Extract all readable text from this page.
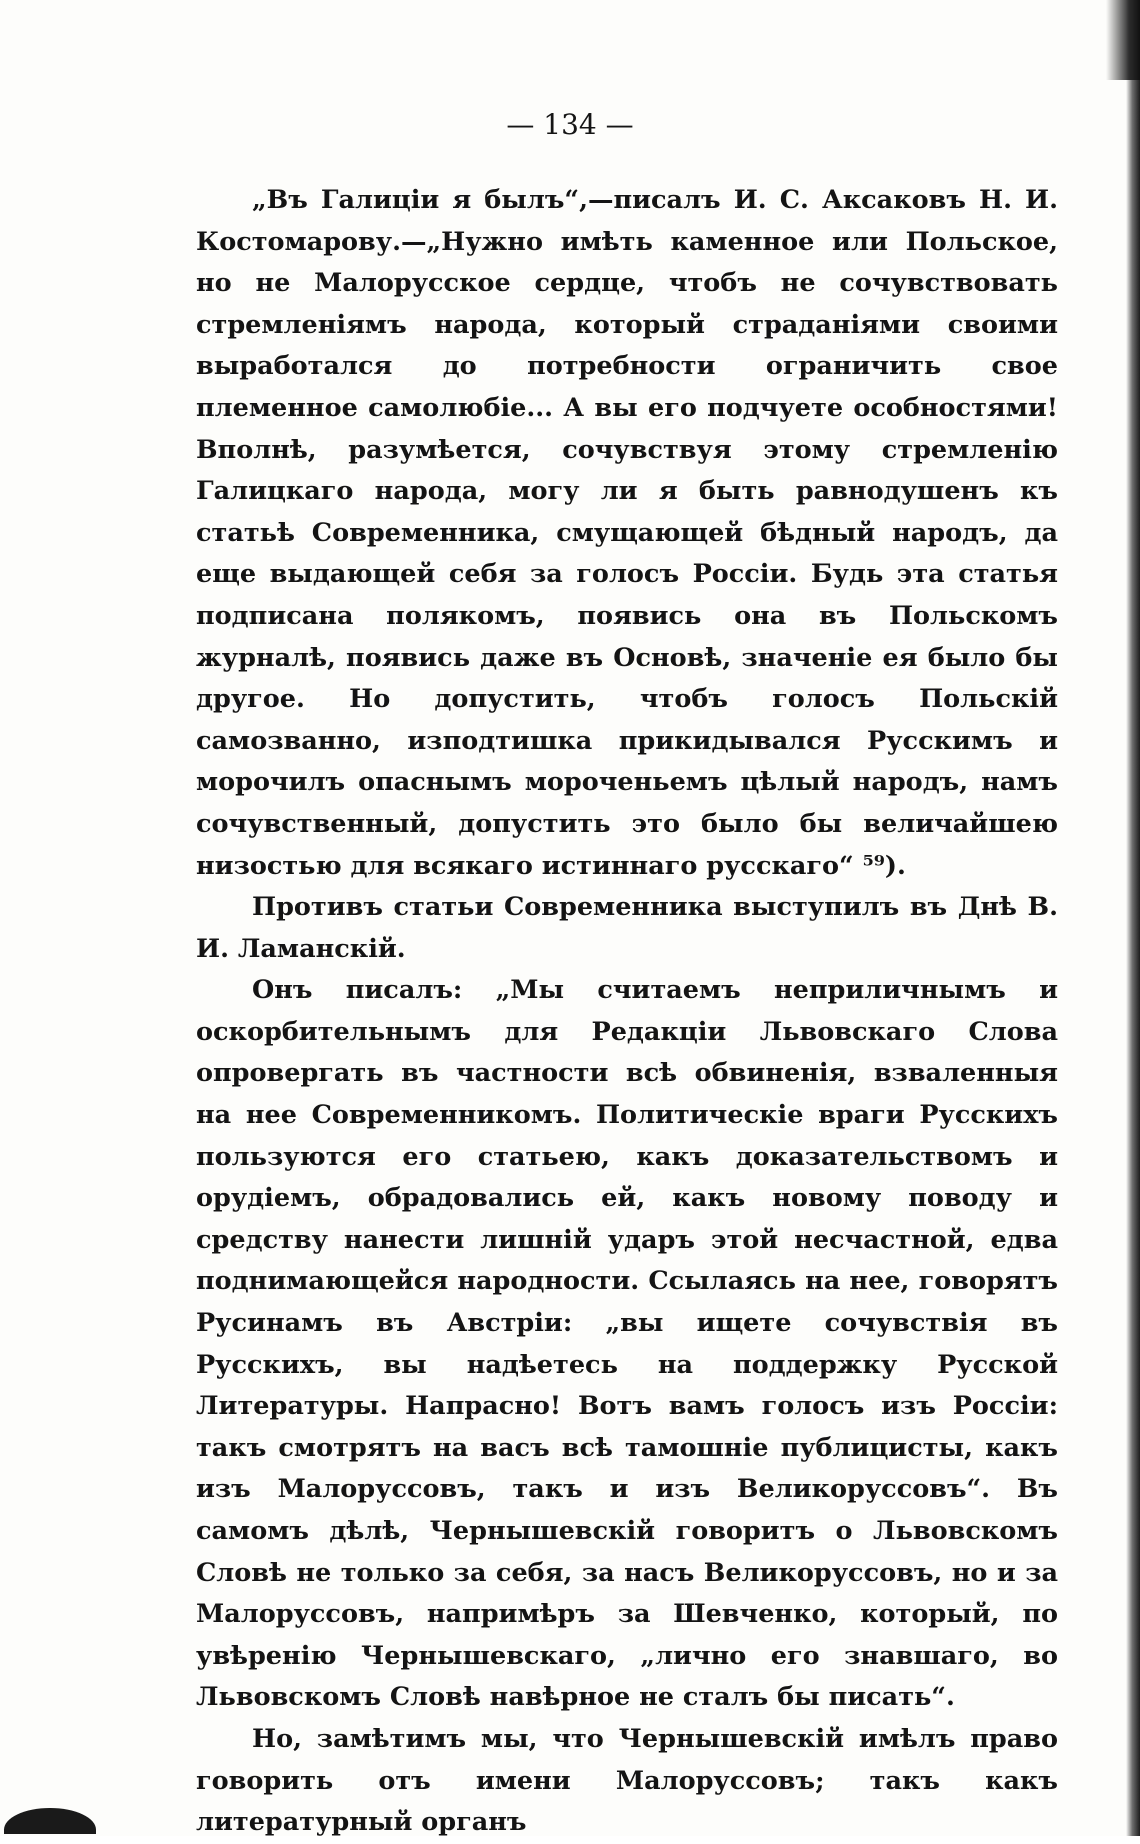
— 134 —

„Въ Галиціи я былъ“,—писалъ И. С. Аксаковъ Н. И. Костомарову.—„Нужно имѣть каменное или Польское, но не Малорусское сердце, чтобъ не сочувствовать стремленіямъ народа, который страданіями своими выработался до потребности ограничить свое племенное самолюбіе... А вы его подчуете особностями! Вполнѣ, разумѣется, сочувствуя этому стремленію Галицкаго народа, могу ли я быть равнодушенъ къ статьѣ Современника, смущающей бѣдный народъ, да еще выдающей себя за голосъ Россіи. Будь эта статья подписана полякомъ, появись она въ Польскомъ журналѣ, появись даже въ Основѣ, значеніе ея было бы другое. Но допустить, чтобъ голосъ Польскій самозванно, изподтишка прикидывался Русскимъ и морочилъ опаснымъ мороченьемъ цѣлый народъ, намъ сочувственный, допустить это было бы величайшею низостью для всякаго истиннаго русскаго“ ⁵⁹).

Противъ статьи Современника выступилъ въ Днѣ В. И. Ламанскій.

Онъ писалъ: „Мы считаемъ неприличнымъ и оскорбительнымъ для Редакціи Львовскаго Слова опровергать въ частности всѣ обвиненія, взваленныя на нее Современникомъ. Политическіе враги Русскихъ пользуются его статьею, какъ доказательствомъ и орудіемъ, обрадовались ей, какъ новому поводу и средству нанести лишній ударъ этой несчастной, едва поднимающейся народности. Ссылаясь на нее, говорятъ Русинамъ въ Австріи: „вы ищете сочувствія въ Русскихъ, вы надѣетесь на поддержку Русской Литературы. Напрасно! Вотъ вамъ голосъ изъ Россіи: такъ смотрятъ на васъ всѣ тамошніе публицисты, какъ изъ Малоруссовъ, такъ и изъ Великоруссовъ“. Въ самомъ дѣлѣ, Чернышевскій говоритъ о Львовскомъ Словѣ не только за себя, за насъ Великоруссовъ, но и за Малоруссовъ, напримѣръ за Шевченко, который, по увѣренію Чернышевскаго, „лично его знавшаго, во Львовскомъ Словѣ навѣрное не сталъ бы писать“.

Но, замѣтимъ мы, что Чернышевскій имѣлъ право говорить отъ имени Малоруссовъ; такъ какъ литературный органъ
